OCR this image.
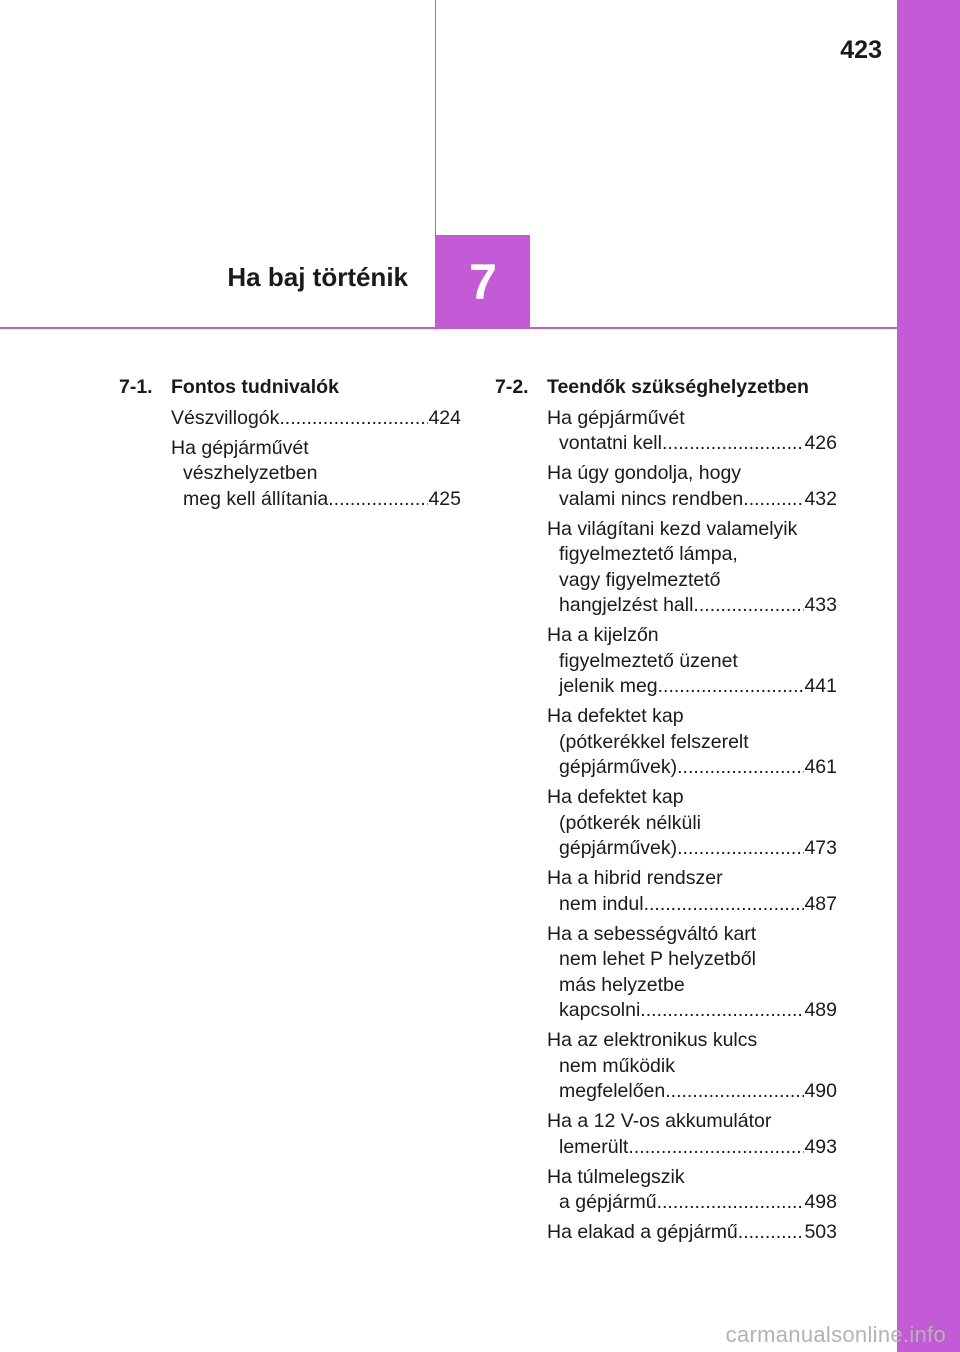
423
Ha baj történik 7
7-1. Fontos tudnivalók
Vészvillogók .....	424
Ha gépjárművét
vészhelyzetben
meg kell állítania .....	425
7-2. Teendők szükséghelyzetben
Ha gépjárművét
vontatni kell .....	426
Ha úgy gondolja, hogy
valami nincs rendben .....	432
Ha világítani kezd valamelyik
figyelmeztető lámpa,
vagy figyelmeztető
hangjelzést hall... .....	433
Ha a kijelzőn
figyelmeztető üzenet
jelenik meg .....	441
Ha defektet kap
(pótkerékkel felszerelt
gépjárművek) .....	461
Ha defektet kap
(pótkerék nélküli
gépjárművek) .....	473
Ha a hibrid rendszer
nem indul .....	487
Ha a sebességváltó kart
nem lehet P helyzetből
más helyzetbe
kapcsolni .....	489
Ha az elektronikus kulcs
nem működik
megfelelően .....	490
Ha a 12 V-os akkumulátor
lemerült .....	493
Ha túlmelegszik
a gépjármű .....	498
Ha elakad a gépjármű .....	503
carmanualsonline.info
